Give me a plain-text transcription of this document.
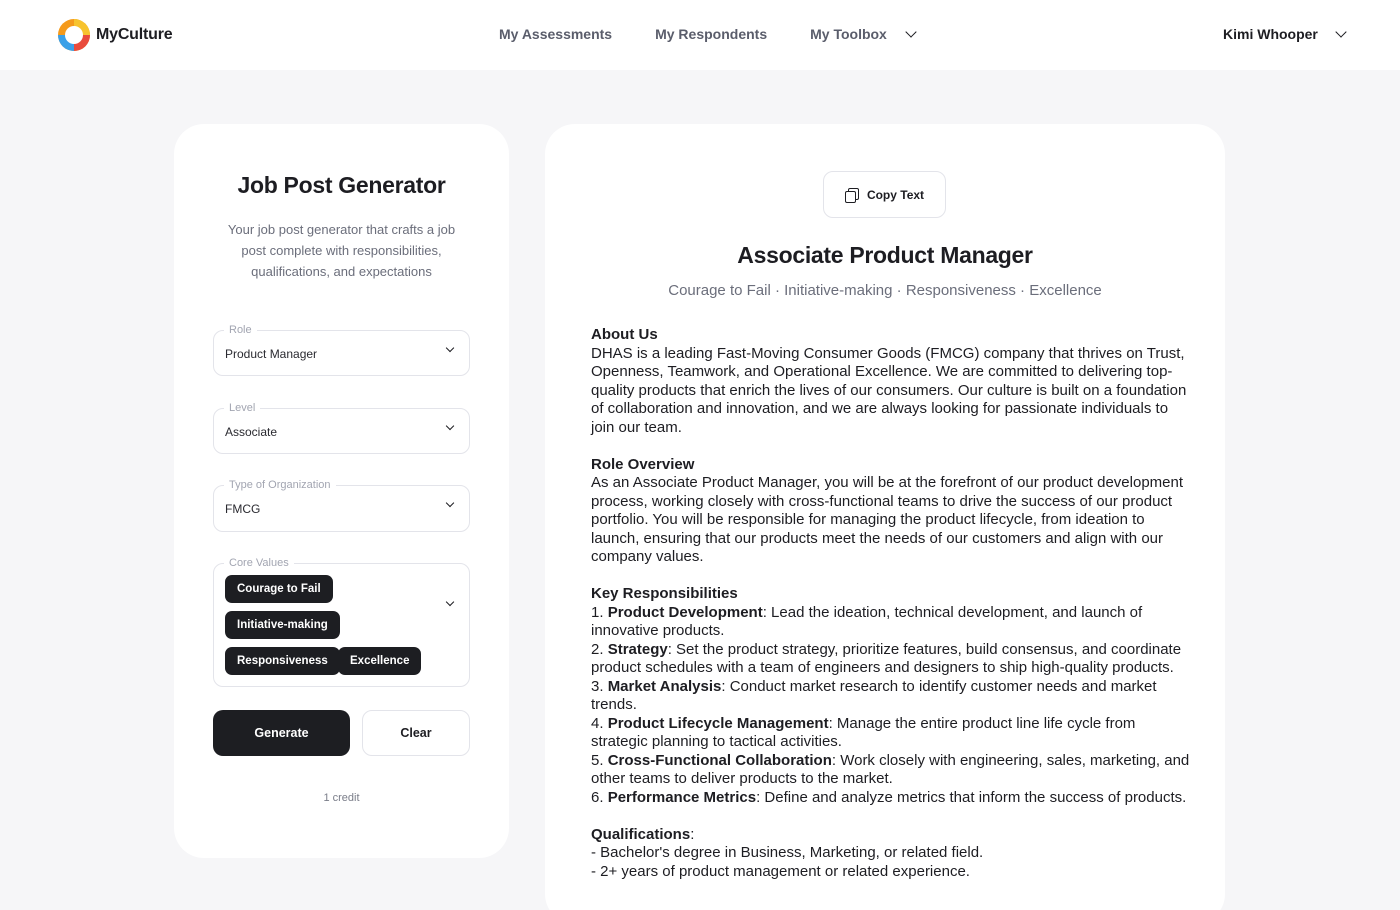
MyCulture	My Assessments	My Respondents	My Toolbox	Kimi Whooper
Job Post Generator
Your job post generator that crafts a job post complete with responsibilities, qualifications, and expectations
Role
Product Manager
Level
Associate
Type of Organization
FMCG
Core Values
Courage to Fail
Initiative-making
Responsiveness	Excellence
Generate	Clear
1 credit
Copy Text
Associate Product Manager
Courage to Fail · Initiative-making · Responsiveness · Excellence
About Us

DHAS is a leading Fast-Moving Consumer Goods (FMCG) company that thrives on Trust, Openness, Teamwork, and Operational Excellence. We are committed to delivering top-quality products that enrich the lives of our consumers. Our culture is built on a foundation of collaboration and innovation, and we are always looking for passionate individuals to join our team.

Role Overview

As an Associate Product Manager, you will be at the forefront of our product development process, working closely with cross-functional teams to drive the success of our product portfolio. You will be responsible for managing the product lifecycle, from ideation to launch, ensuring that our products meet the needs of our customers and align with our company values.

Key Responsibilities

1. Product Development: Lead the ideation, technical development, and launch of innovative products.

2. Strategy: Set the product strategy, prioritize features, build consensus, and coordinate product schedules with a team of engineers and designers to ship high-quality products.

3. Market Analysis: Conduct market research to identify customer needs and market trends.

4. Product Lifecycle Management: Manage the entire product line life cycle from strategic planning to tactical activities.

5. Cross-Functional Collaboration: Work closely with engineering, sales, marketing, and other teams to deliver products to the market.

6. Performance Metrics: Define and analyze metrics that inform the success of products.

Qualifications:

- Bachelor's degree in Business, Marketing, or related field.

- 2+ years of product management or related experience.
